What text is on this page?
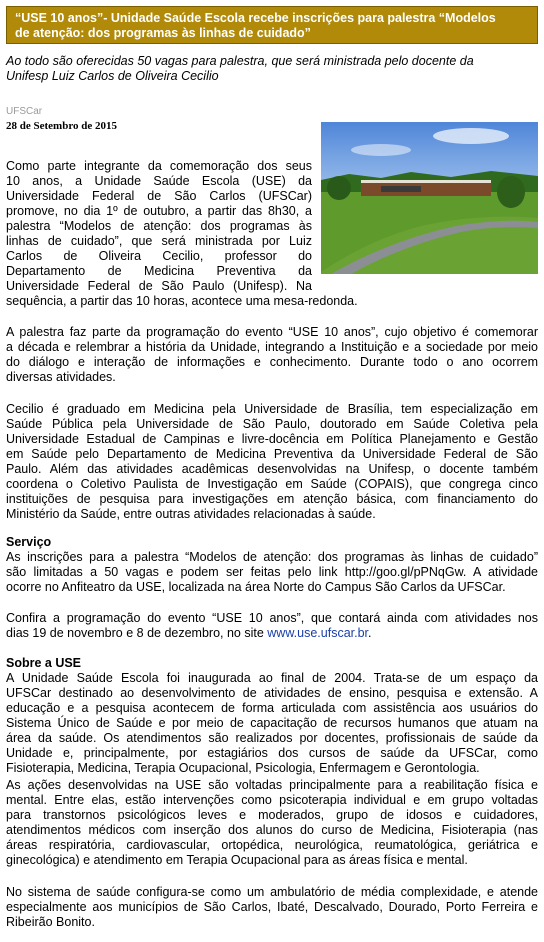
“USE 10 anos”- Unidade Saúde Escola recebe inscrições para palestra “Modelos
de atenção: dos programas às linhas de cuidado”
Ao todo são oferecidas 50 vagas para palestra, que será ministrada pelo docente da
Unifesp Luiz Carlos de Oliveira Cecilio
UFSCar
28 de Setembro de 2015
Como parte integrante da comemoração dos seus
10 anos, a Unidade Saúde Escola (USE) da
Universidade Federal de São Carlos (UFSCar)
promove, no dia 1º de outubro, a partir das 8h30, a
palestra “Modelos de atenção: dos programas às
linhas de cuidado”, que será ministrada por Luiz
Carlos de Oliveira Cecilio, professor do
Departamento de Medicina Preventiva da
Universidade Federal de São Paulo (Unifesp). Na
sequência, a partir das 10 horas, acontece uma mesa-redonda.
A palestra faz parte da programação do evento “USE 10 anos”, cujo objetivo é comemorar
a década e relembrar a história da Unidade, integrando a Instituição e a sociedade por meio
do diálogo e interação de informações e conhecimento. Durante todo o ano ocorrem
diversas atividades.
Cecilio é graduado em Medicina pela Universidade de Brasília, tem especialização em
Saúde Pública pela Universidade de São Paulo, doutorado em Saúde Coletiva pela
Universidade Estadual de Campinas e livre-docência em Política Planejamento e Gestão
em Saúde pelo Departamento de Medicina Preventiva da Universidade Federal de São
Paulo. Além das atividades acadêmicas desenvolvidas na Unifesp, o docente também
coordena o Coletivo Paulista de Investigação em Saúde (COPAIS), que congrega cinco
instituições de pesquisa para investigações em atenção básica, com financiamento do
Ministério da Saúde, entre outras atividades relacionadas à saúde.
Serviço
As inscrições para a palestra “Modelos de atenção: dos programas às linhas de cuidado”
são limitadas a 50 vagas e podem ser feitas pelo link http://goo.gl/pPNqGw. A atividade
ocorre no Anfiteatro da USE, localizada na área Norte do Campus São Carlos da UFSCar.
Confira a programação do evento “USE 10 anos”, que contará ainda com atividades nos
dias 19 de novembro e 8 de dezembro, no site www.use.ufscar.br.
Sobre a USE
A Unidade Saúde Escola foi inaugurada ao final de 2004. Trata-se de um espaço da
UFSCar destinado ao desenvolvimento de atividades de ensino, pesquisa e extensão. A
educação e a pesquisa acontecem de forma articulada com assistência aos usuários do
Sistema Único de Saúde e por meio de capacitação de recursos humanos que atuam na
área da saúde. Os atendimentos são realizados por docentes, profissionais de saúde da
Unidade e, principalmente, por estagiários dos cursos de saúde da UFSCar, como
Fisioterapia, Medicina, Terapia Ocupacional, Psicologia, Enfermagem e Gerontologia.
As ações desenvolvidas na USE são voltadas principalmente para a reabilitação física e
mental. Entre elas, estão intervenções como psicoterapia individual e em grupo voltadas
para transtornos psicológicos leves e moderados, grupo de idosos e cuidadores,
atendimentos médicos com inserção dos alunos do curso de Medicina, Fisioterapia (nas
áreas respiratória, cardiovascular, ortopédica, neurológica, reumatológica, geriátrica e
ginecológica) e atendimento em Terapia Ocupacional para as áreas física e mental.
No sistema de saúde configura-se como um ambulatório de média complexidade, e atende
especialmente aos municípios de São Carlos, Ibaté, Descalvado, Dourado, Porto Ferreira e
Ribeirão Bonito.
